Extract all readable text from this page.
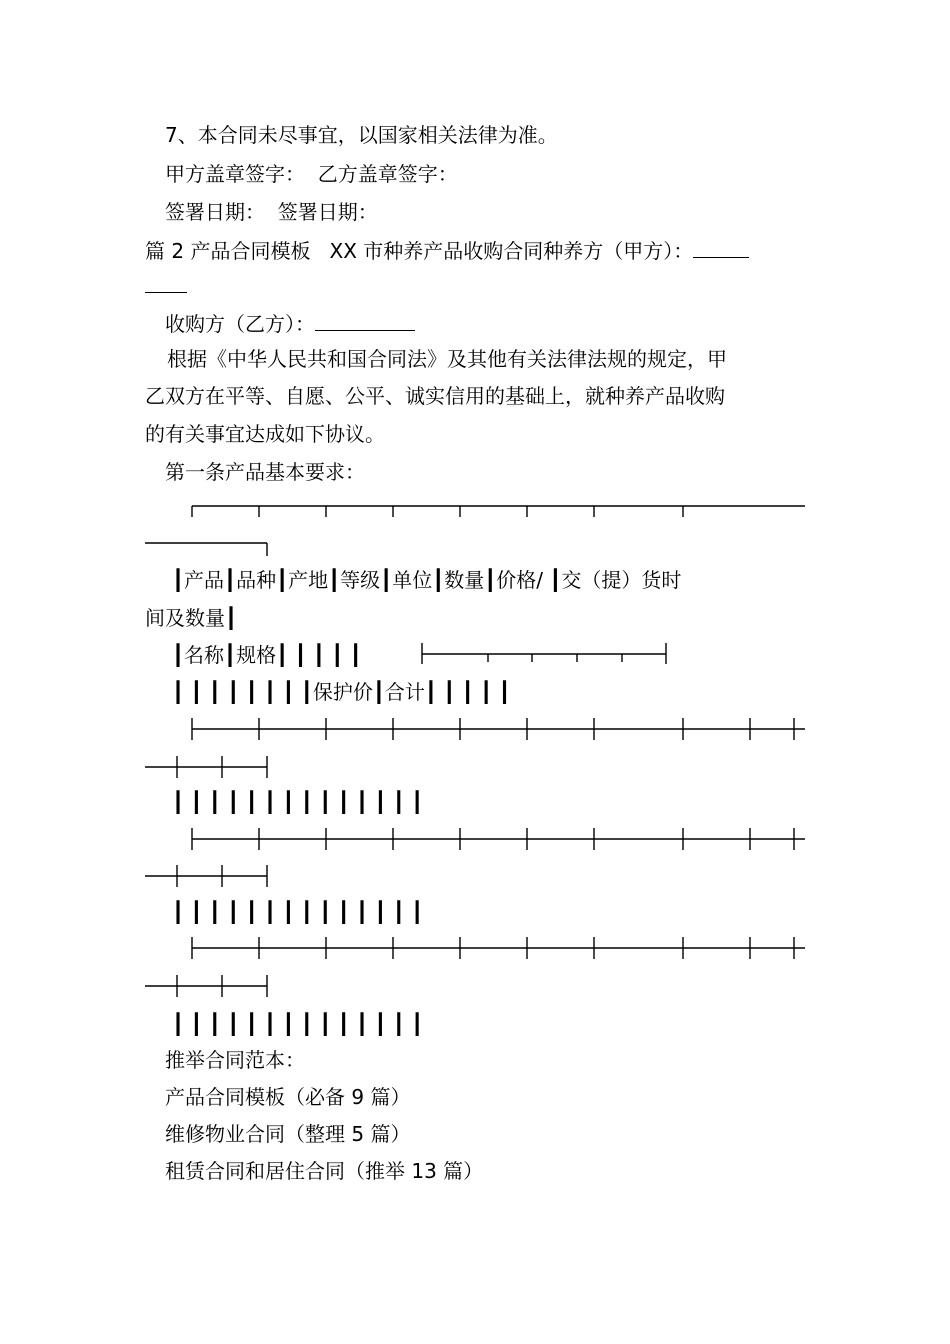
7、本合同未尽事宜，以国家相关法律为准。

甲方盖章签字：  乙方盖章签字：

签署日期：  签署日期：

篇 2 产品合同模板   XX 市种养产品收购合同种养方（甲方）：

收购方（乙方）：

根据《中华人民共和国合同法》及其他有关法律法规的规定，甲

乙双方在平等、自愿、公平、诚实信用的基础上，就种养产品收购

的有关事宜达成如下协议。

第一条产品基本要求：

┃产品┃品种┃产地┃等级┃单位┃数量┃价格/ ┃交（提）货时

间及数量┃

┃名称┃规格┃ ┃ ┃ ┃ ┃

┃ ┃ ┃ ┃ ┃ ┃ ┃ ┃保护价┃合计┃ ┃ ┃ ┃ ┃

┃ ┃ ┃ ┃ ┃ ┃ ┃ ┃ ┃ ┃ ┃ ┃ ┃ ┃

┃ ┃ ┃ ┃ ┃ ┃ ┃ ┃ ┃ ┃ ┃ ┃ ┃ ┃

┃ ┃ ┃ ┃ ┃ ┃ ┃ ┃ ┃ ┃ ┃ ┃ ┃ ┃

推举合同范本：

产品合同模板（必备 9 篇）

维修物业合同（整理 5 篇）

租赁合同和居住合同（推举 13 篇）
